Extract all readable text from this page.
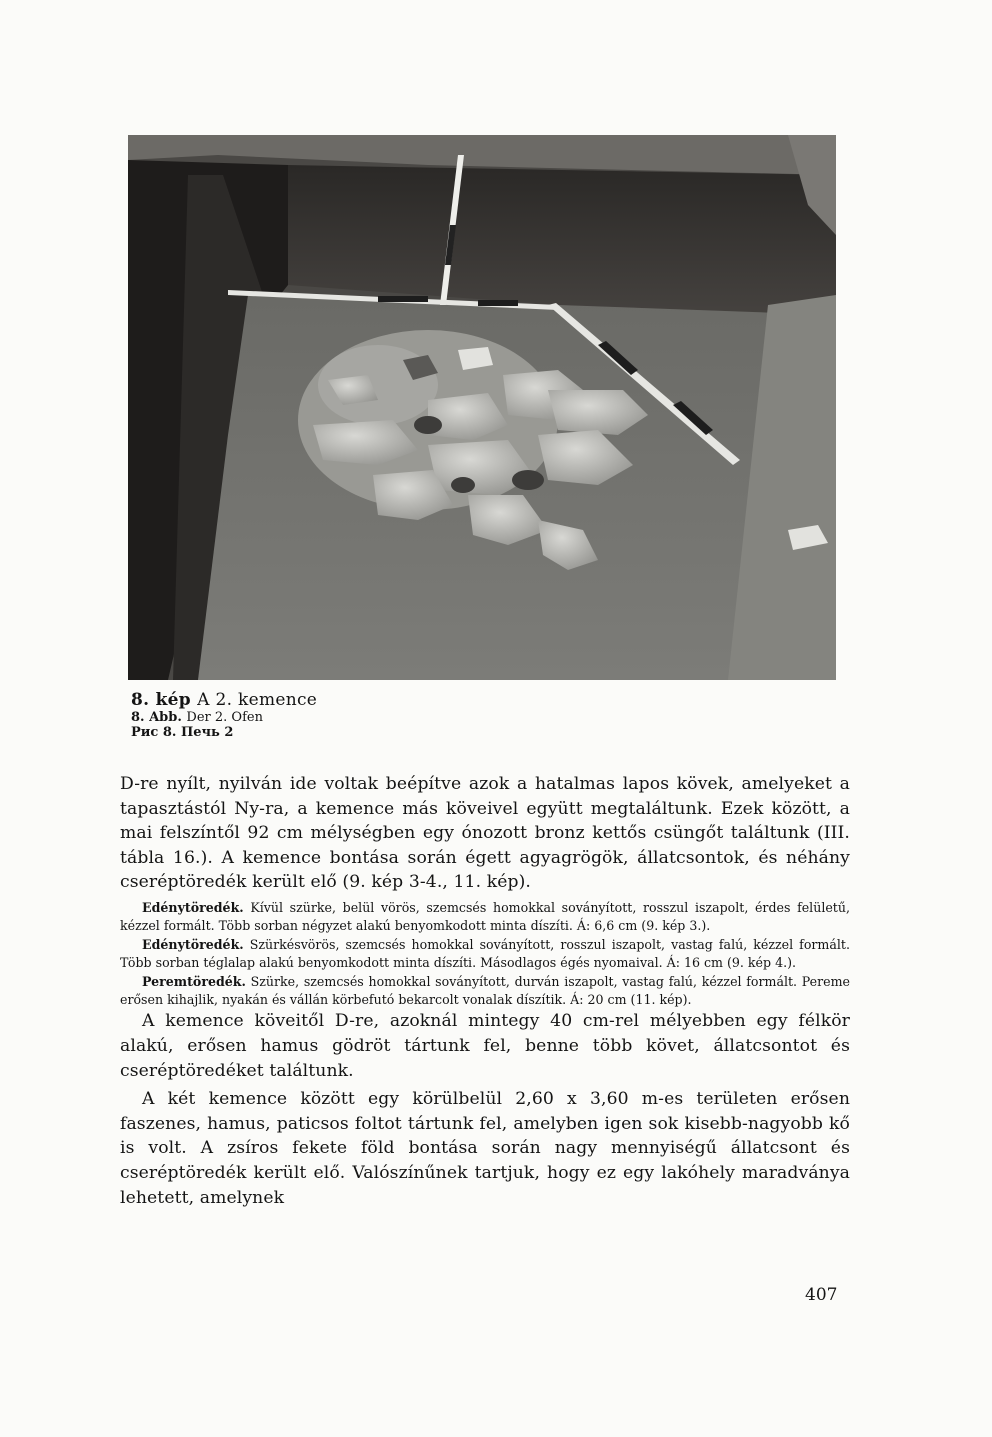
8. kép A 2. kemence
8. Abb. Der 2. Ofen
Рис 8. Печь 2

D-re nyílt, nyilván ide voltak beépítve azok a hatalmas lapos kövek, amelyeket a tapasztástól Ny-ra, a kemence más köveivel együtt megtaláltunk. Ezek között, a mai felszíntől 92 cm mélységben egy ónozott bronz kettős csüngőt találtunk (III. tábla 16.). A kemence bontása során égett agyagrögök, állatcsontok, és néhány cseréptöredék került elő (9. kép 3-4., 11. kép).

Edénytöredék. Kívül szürke, belül vörös, szemcsés homokkal soványított, rosszul iszapolt, érdes felületű, kézzel formált. Több sorban négyzet alakú benyomkodott minta díszíti. Á: 6,6 cm (9. kép 3.).

Edénytöredék. Szürkésvörös, szemcsés homokkal soványított, rosszul iszapolt, vastag falú, kézzel formált. Több sorban téglalap alakú benyomkodott minta díszíti. Másodlagos égés nyomaival. Á: 16 cm (9. kép 4.).

Peremtöredék. Szürke, szemcsés homokkal soványított, durván iszapolt, vastag falú, kézzel formált. Pereme erősen kihajlik, nyakán és vállán körbefutó bekarcolt vonalak díszítik. Á: 20 cm (11. kép).

A kemence köveitől D-re, azoknál mintegy 40 cm-rel mélyebben egy félkör alakú, erősen hamus gödröt tártunk fel, benne több követ, állatcsontot és cseréptöredéket találtunk.

A két kemence között egy körülbelül 2,60 x 3,60 m-es területen erősen faszenes, hamus, paticsos foltot tártunk fel, amelyben igen sok kisebb-nagyobb kő is volt. A zsíros fekete föld bontása során nagy mennyiségű állatcsont és cseréptöredék került elő. Valószínűnek tartjuk, hogy ez egy lakóhely maradványa lehetett, amelynek

407
